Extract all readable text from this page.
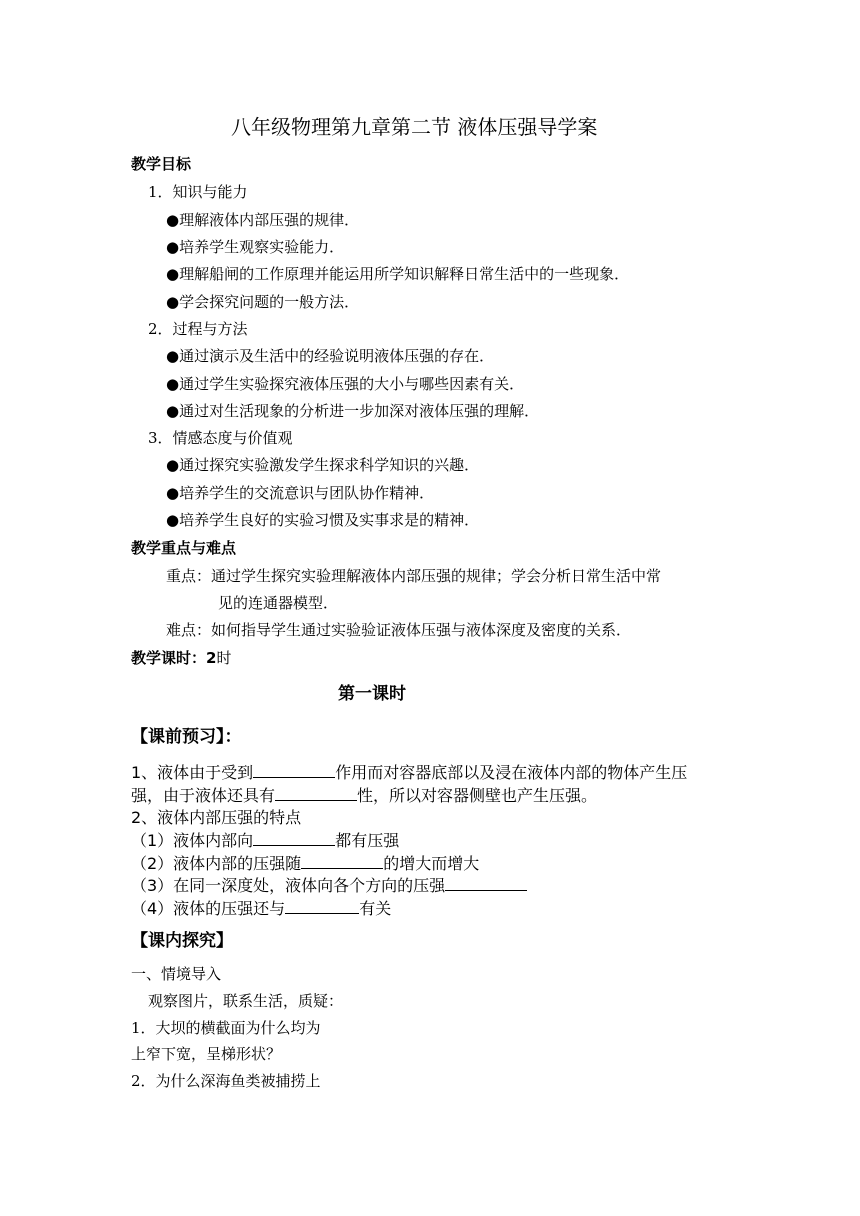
八年级物理第九章第二节 液体压强导学案
教学目标
1．知识与能力
●理解液体内部压强的规律．
●培养学生观察实验能力．
●理解船闸的工作原理并能运用所学知识解释日常生活中的一些现象．
●学会探究问题的一般方法．
2．过程与方法
●通过演示及生活中的经验说明液体压强的存在．
●通过学生实验探究液体压强的大小与哪些因素有关．
●通过对生活现象的分析进一步加深对液体压强的理解．
3．情感态度与价值观
●通过探究实验激发学生探求科学知识的兴趣．
●培养学生的交流意识与团队协作精神．
●培养学生良好的实验习惯及实事求是的精神．
教学重点与难点
重点：通过学生探究实验理解液体内部压强的规律；学会分析日常生活中常
见的连通器模型．
难点：如何指导学生通过实验验证液体压强与液体深度及密度的关系．
教学课时：2时
第一课时
【课前预习】：
1、液体由于受到	作用而对容器底部以及浸在液体内部的物体产生压
强，由于液体还具有	性，所以对容器侧壁也产生压强。
2、液体内部压强的特点
（1）液体内部向	都有压强
（2）液体内部的压强随	的增大而增大
（3）在同一深度处，液体向各个方向的压强
（4）液体的压强还与	有关
【课内探究】
一、情境导入
观察图片，联系生活，质疑：
1．大坝的横截面为什么均为
上窄下宽，呈梯形状？
2．为什么深海鱼类被捕捞上
